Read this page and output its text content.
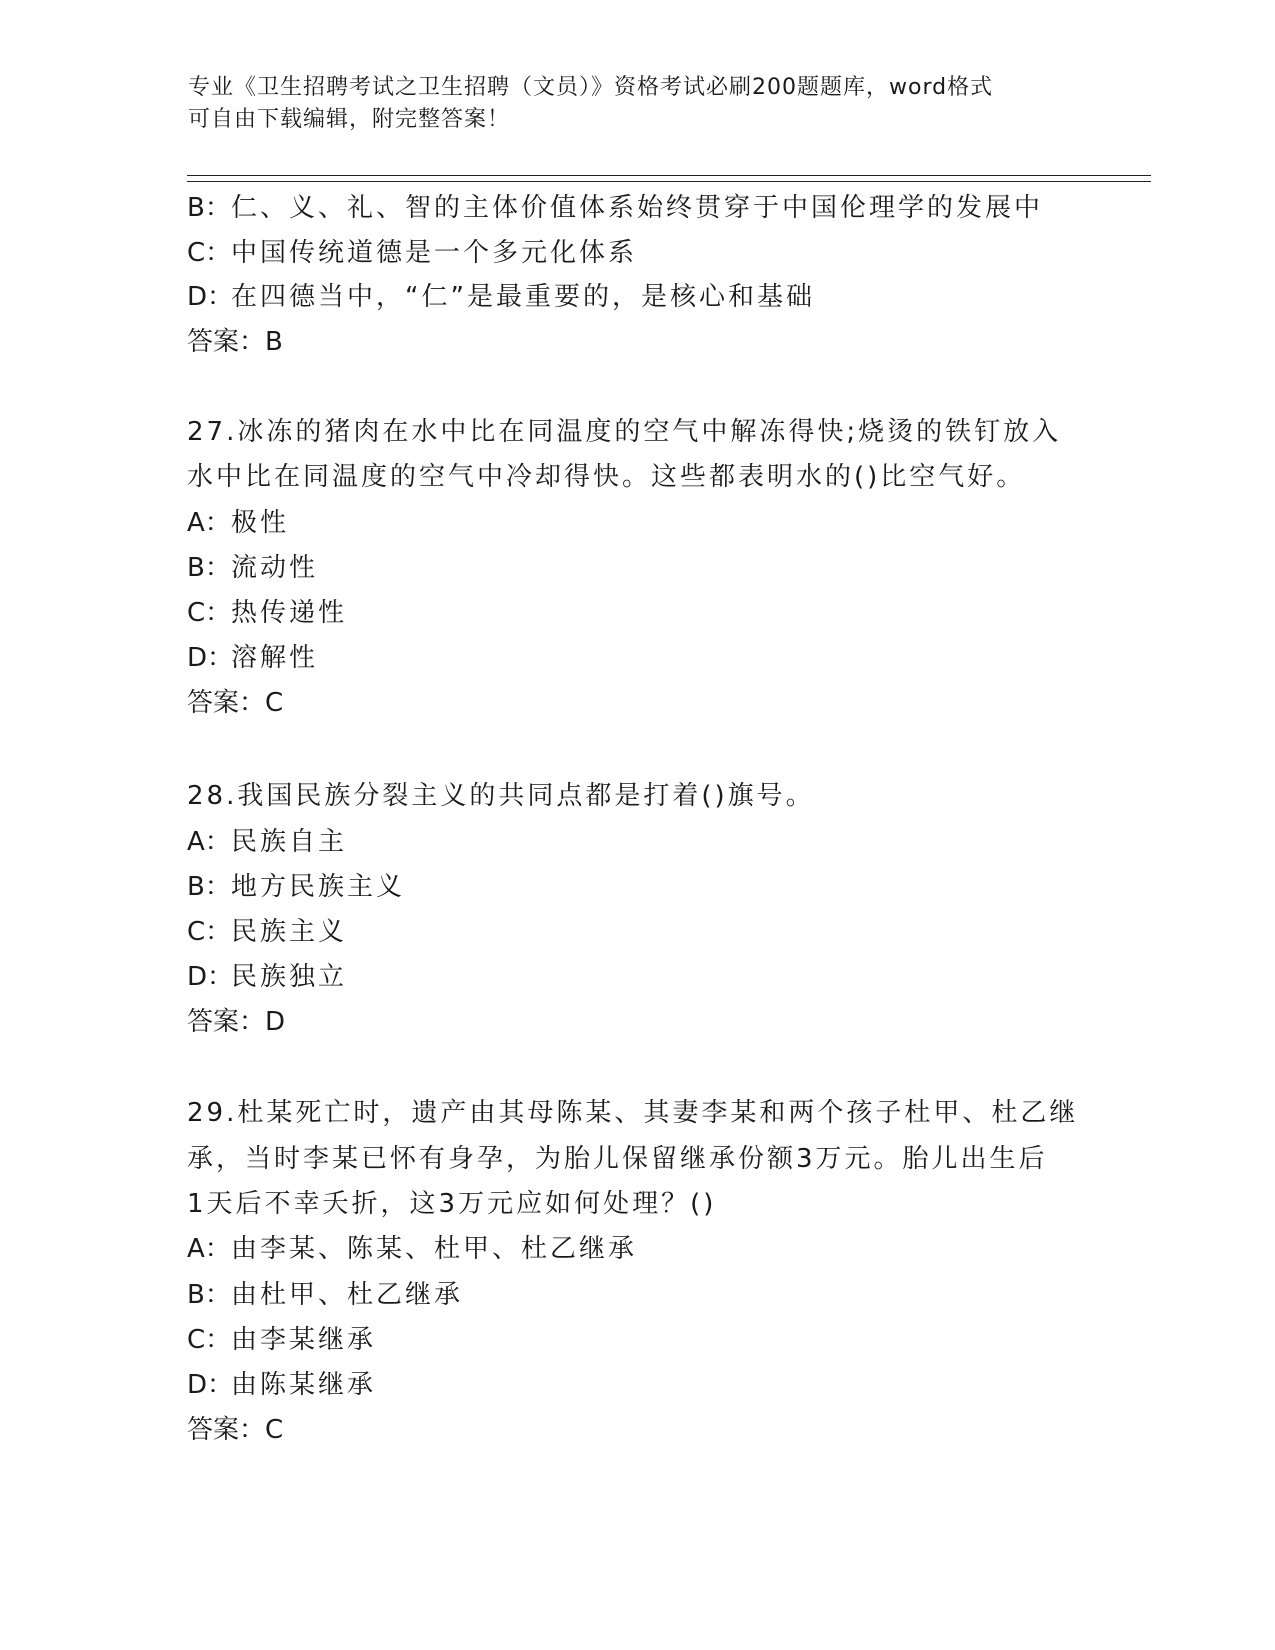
专业《卫生招聘考试之卫生招聘（文员）》资格考试必刷200题题库，word格式
可自由下载编辑，附完整答案！
B：仁、义、礼、智的主体价值体系始终贯穿于中国伦理学的发展中
C：中国传统道德是一个多元化体系
D：在四德当中，“仁”是最重要的，是核心和基础
答案：B
27.冰冻的猪肉在水中比在同温度的空气中解冻得快;烧烫的铁钉放入
水中比在同温度的空气中冷却得快。这些都表明水的()比空气好。
A：极性
B：流动性
C：热传递性
D：溶解性
答案：C
28.我国民族分裂主义的共同点都是打着()旗号。
A：民族自主
B：地方民族主义
C：民族主义
D：民族独立
答案：D
29.杜某死亡时，遗产由其母陈某、其妻李某和两个孩子杜甲、杜乙继
承，当时李某已怀有身孕，为胎儿保留继承份额3万元。胎儿出生后
1天后不幸夭折，这3万元应如何处理？()
A：由李某、陈某、杜甲、杜乙继承
B：由杜甲、杜乙继承
C：由李某继承
D：由陈某继承
答案：C
